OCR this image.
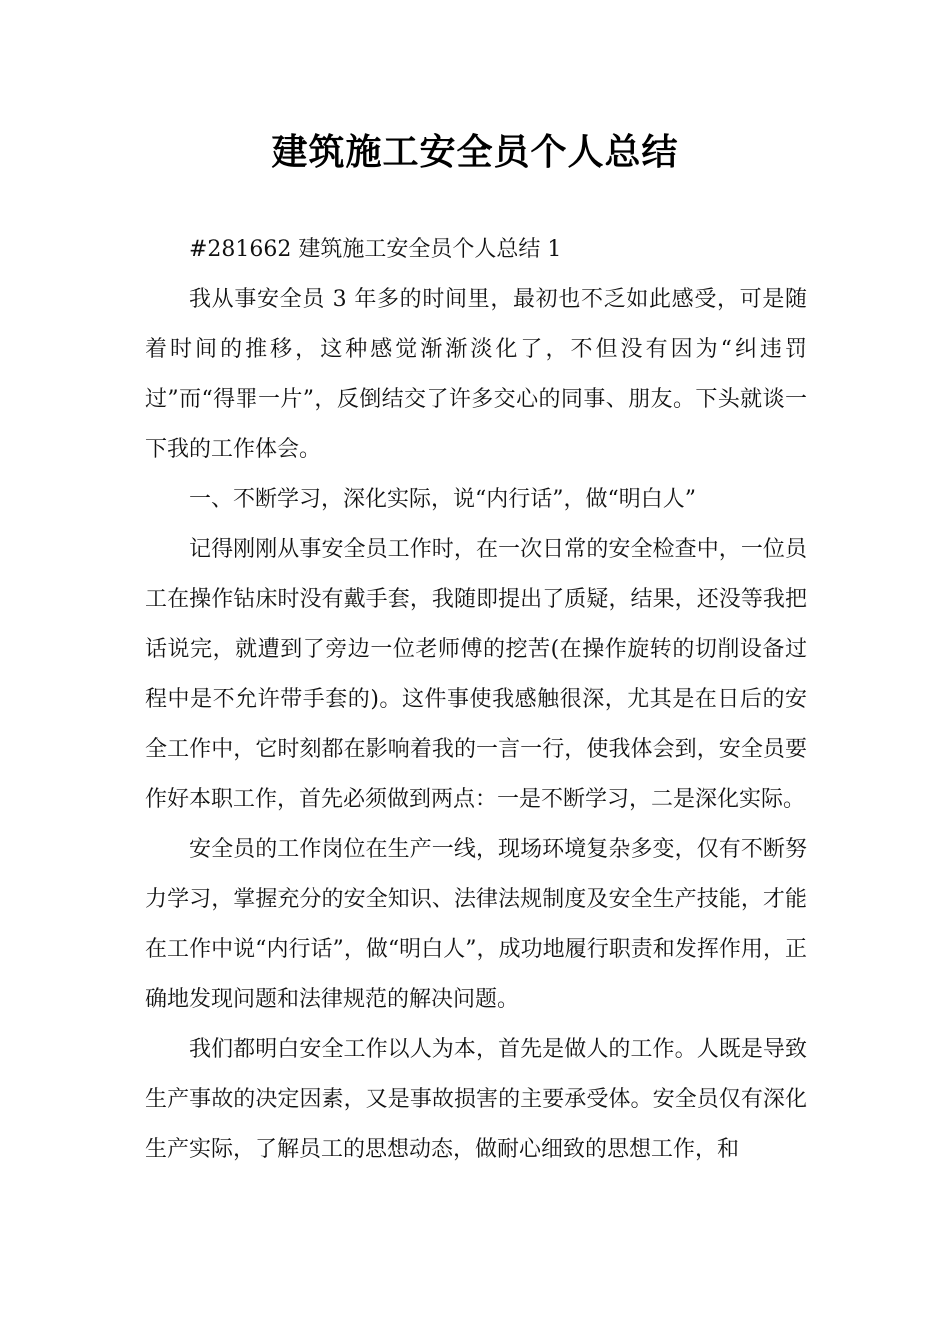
建筑施工安全员个人总结

#281662 建筑施工安全员个人总结 1

我从事安全员 3 年多的时间里，最初也不乏如此感受，可是随着时间的推移，这种感觉渐渐淡化了，不但没有因为“纠违罚过”而“得罪一片”，反倒结交了许多交心的同事、朋友。下头就谈一下我的工作体会。

一、不断学习，深化实际，说“内行话”，做“明白人”

记得刚刚从事安全员工作时，在一次日常的安全检查中，一位员工在操作钻床时没有戴手套，我随即提出了质疑，结果，还没等我把话说完，就遭到了旁边一位老师傅的挖苦(在操作旋转的切削设备过程中是不允许带手套的)。这件事使我感触很深，尤其是在日后的安全工作中，它时刻都在影响着我的一言一行，使我体会到，安全员要作好本职工作，首先必须做到两点：一是不断学习，二是深化实际。

安全员的工作岗位在生产一线，现场环境复杂多变，仅有不断努力学习，掌握充分的安全知识、法律法规制度及安全生产技能，才能在工作中说“内行话”，做“明白人”，成功地履行职责和发挥作用，正确地发现问题和法律规范的解决问题。

我们都明白安全工作以人为本，首先是做人的工作。人既是导致生产事故的决定因素，又是事故损害的主要承受体。安全员仅有深化生产实际，了解员工的思想动态，做耐心细致的思想工作，和
